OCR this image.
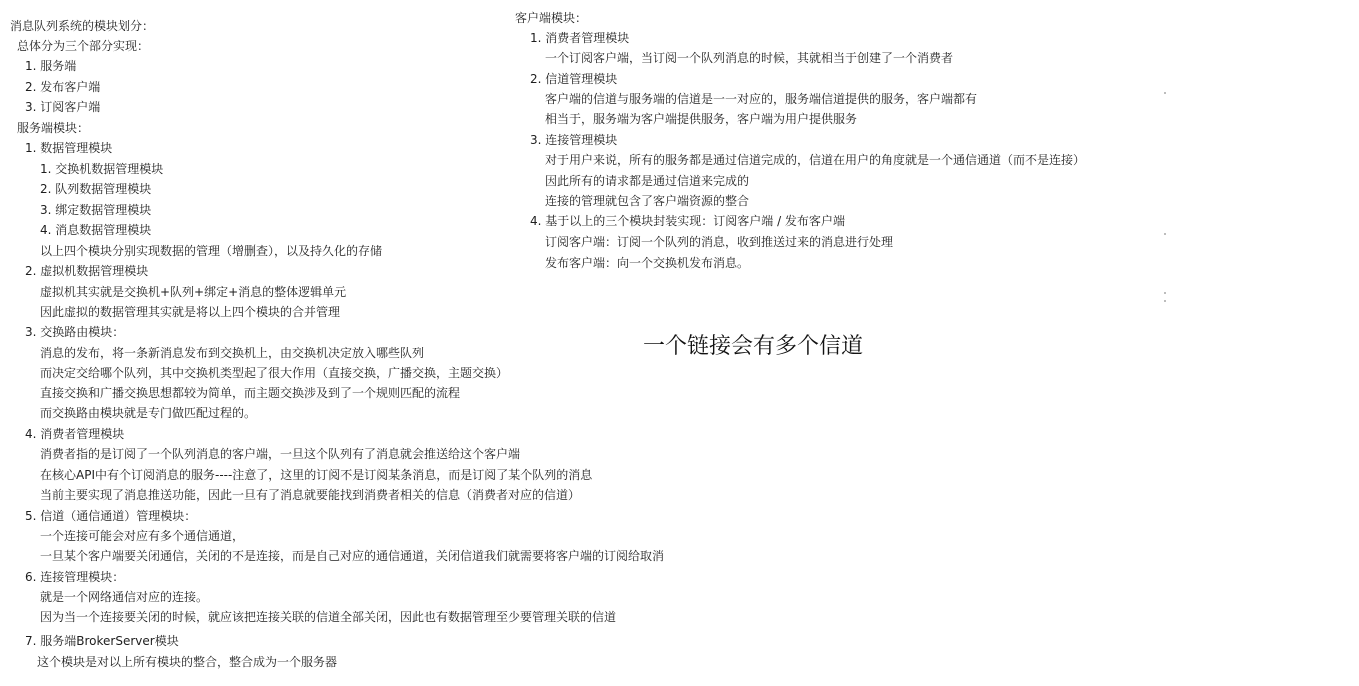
消息队列系统的模块划分：
总体分为三个部分实现：
1. 服务端
2. 发布客户端
3. 订阅客户端
服务端模块：
1. 数据管理模块
1. 交换机数据管理模块
2. 队列数据管理模块
3. 绑定数据管理模块
4. 消息数据管理模块
以上四个模块分别实现数据的管理（增删查），以及持久化的存储
2. 虚拟机数据管理模块
虚拟机其实就是交换机+队列+绑定+消息的整体逻辑单元
因此虚拟的数据管理其实就是将以上四个模块的合并管理
3. 交换路由模块：
消息的发布，将一条新消息发布到交换机上，由交换机决定放入哪些队列
而决定交给哪个队列，其中交换机类型起了很大作用（直接交换，广播交换，主题交换）
直接交换和广播交换思想都较为简单，而主题交换涉及到了一个规则匹配的流程
而交换路由模块就是专门做匹配过程的。
4. 消费者管理模块
消费者指的是订阅了一个队列消息的客户端，一旦这个队列有了消息就会推送给这个客户端
在核心API中有个订阅消息的服务----注意了，这里的订阅不是订阅某条消息，而是订阅了某个队列的消息
当前主要实现了消息推送功能，因此一旦有了消息就要能找到消费者相关的信息（消费者对应的信道）
5. 信道（通信通道）管理模块：
一个连接可能会对应有多个通信通道，
一旦某个客户端要关闭通信，关闭的不是连接，而是自己对应的通信通道，关闭信道我们就需要将客户端的订阅给取消
6. 连接管理模块：
就是一个网络通信对应的连接。
因为当一个连接要关闭的时候，就应该把连接关联的信道全部关闭，因此也有数据管理至少要管理关联的信道
7. 服务端BrokerServer模块
这个模块是对以上所有模块的整合，整合成为一个服务器
客户端模块：
1. 消费者管理模块
一个订阅客户端，当订阅一个队列消息的时候，其就相当于创建了一个消费者
2. 信道管理模块
客户端的信道与服务端的信道是一一对应的，服务端信道提供的服务，客户端都有
相当于，服务端为客户端提供服务，客户端为用户提供服务
3. 连接管理模块
对于用户来说，所有的服务都是通过信道完成的，信道在用户的角度就是一个通信通道（而不是连接）
因此所有的请求都是通过信道来完成的
连接的管理就包含了客户端资源的整合
4. 基于以上的三个模块封装实现：订阅客户端 / 发布客户端
订阅客户端：订阅一个队列的消息，收到推送过来的消息进行处理
发布客户端：向一个交换机发布消息。
一个链接会有多个信道
